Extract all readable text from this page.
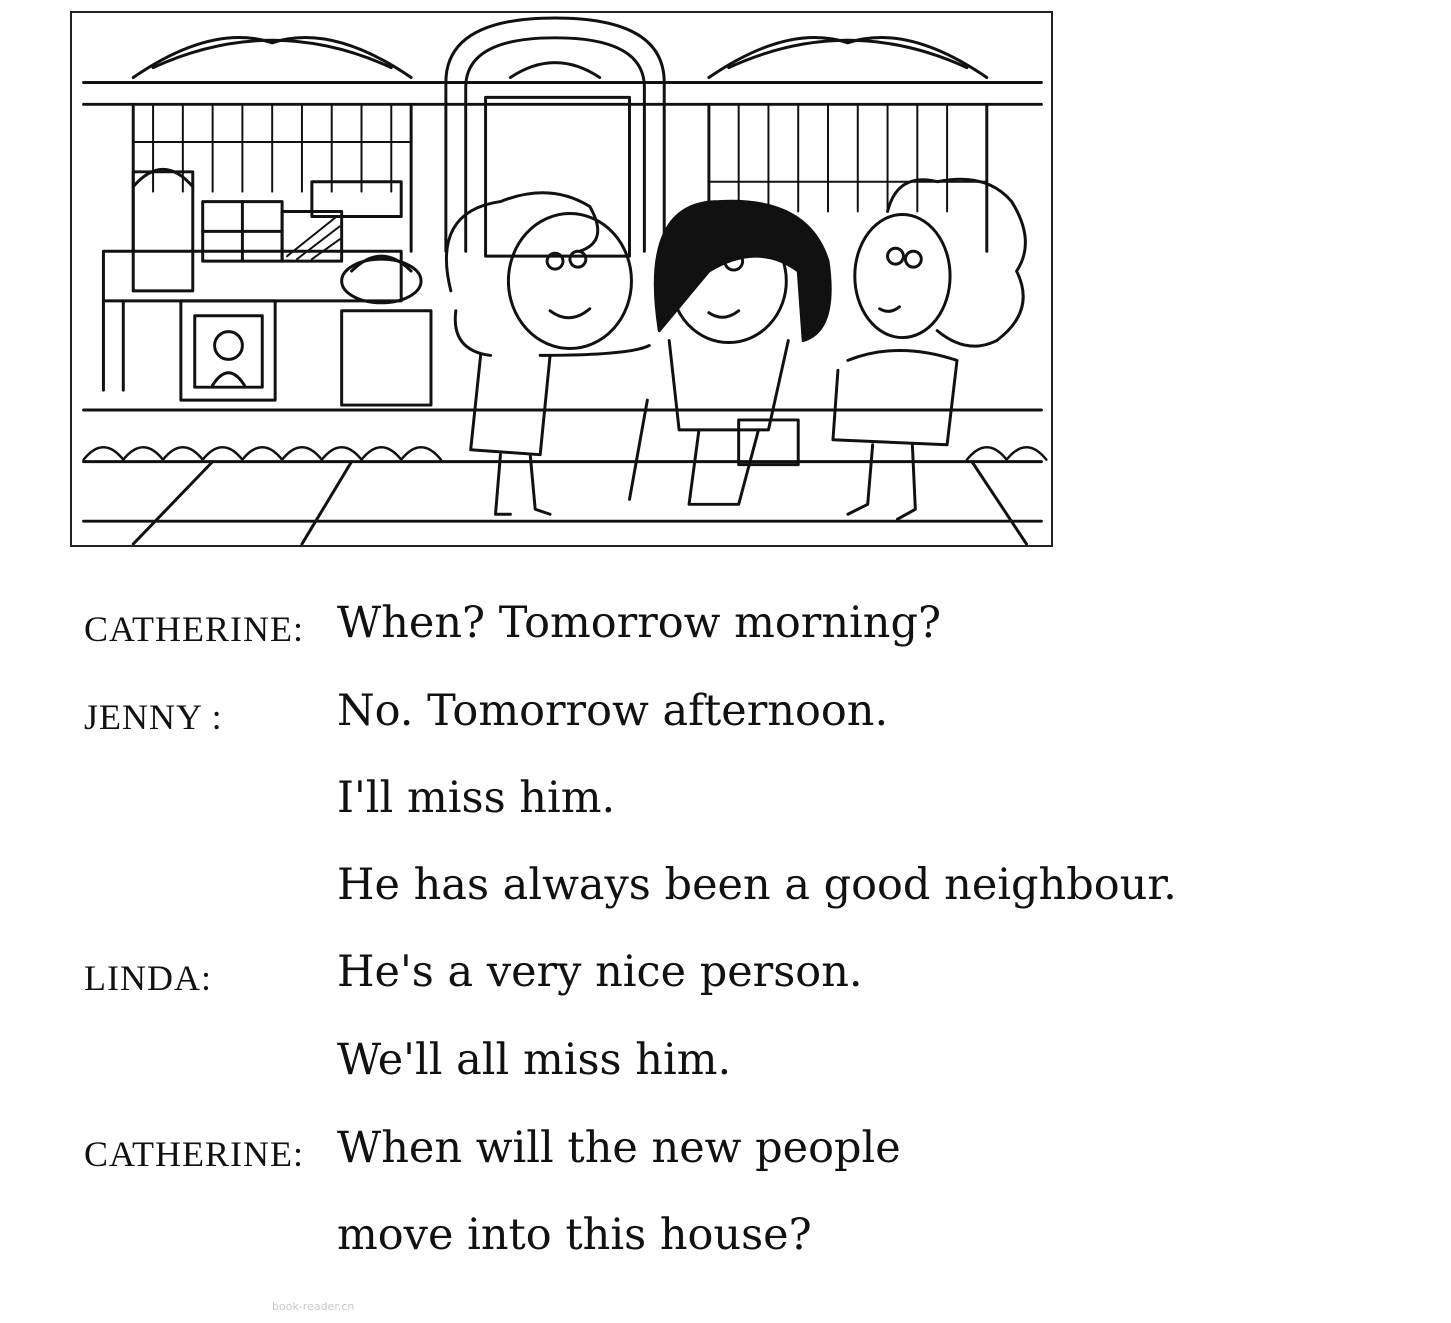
CATHERINE: When? Tomorrow morning?
JENNY :	No. Tomorrow afternoon.
I'll miss him.
He has always been a good neighbour.
LINDA:	He's a very nice person.
We'll all miss him.
CATHERINE: When will the new people
move into this house?
book-reader.cn
